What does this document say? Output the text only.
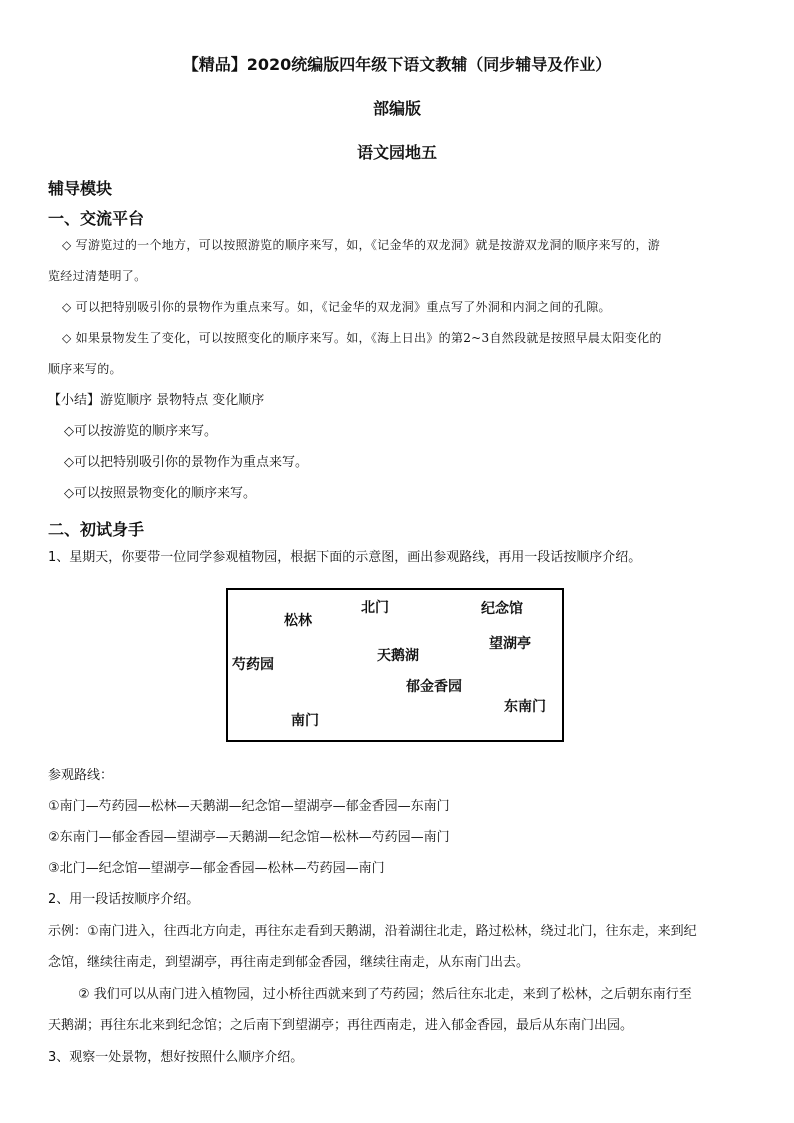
【精品】2020统编版四年级下语文教辅（同步辅导及作业）
部编版
语文园地五
辅导模块
一、交流平台
◇ 写游览过的一个地方，可以按照游览的顺序来写，如，《记金华的双龙洞》就是按游双龙洞的顺序来写的，游
览经过清楚明了。
◇ 可以把特别吸引你的景物作为重点来写。如，《记金华的双龙洞》重点写了外洞和内洞之间的孔隙。
◇ 如果景物发生了变化，可以按照变化的顺序来写。如，《海上日出》的第2~3自然段就是按照早晨太阳变化的
顺序来写的。
【小结】游览顺序 景物特点 变化顺序
◇可以按游览的顺序来写。
◇可以把特别吸引你的景物作为重点来写。
◇可以按照景物变化的顺序来写。
二、初试身手
1、星期天，你要带一位同学参观植物园，根据下面的示意图，画出参观路线，再用一段话按顺序介绍。
松林
北门	纪念馆
望湖亭
芍药园
天鹅湖
郁金香园
东南门
南门
参观路线：
①南门—芍药园—松林—天鹅湖—纪念馆—望湖亭—郁金香园—东南门
②东南门—郁金香园—望湖亭—天鹅湖—纪念馆—松林—芍药园—南门
③北门—纪念馆—望湖亭—郁金香园—松林—芍药园—南门
2、用一段话按顺序介绍。
示例：①南门进入，往西北方向走，再往东走看到天鹅湖，沿着湖往北走，路过松林，绕过北门，往东走，来到纪
念馆，继续往南走，到望湖亭，再往南走到郁金香园，继续往南走，从东南门出去。
② 我们可以从南门进入植物园，过小桥往西就来到了芍药园；然后往东北走，来到了松林，之后朝东南行至
天鹅湖；再往东北来到纪念馆；之后南下到望湖亭；再往西南走，进入郁金香园，最后从东南门出园。
3、观察一处景物，想好按照什么顺序介绍。
